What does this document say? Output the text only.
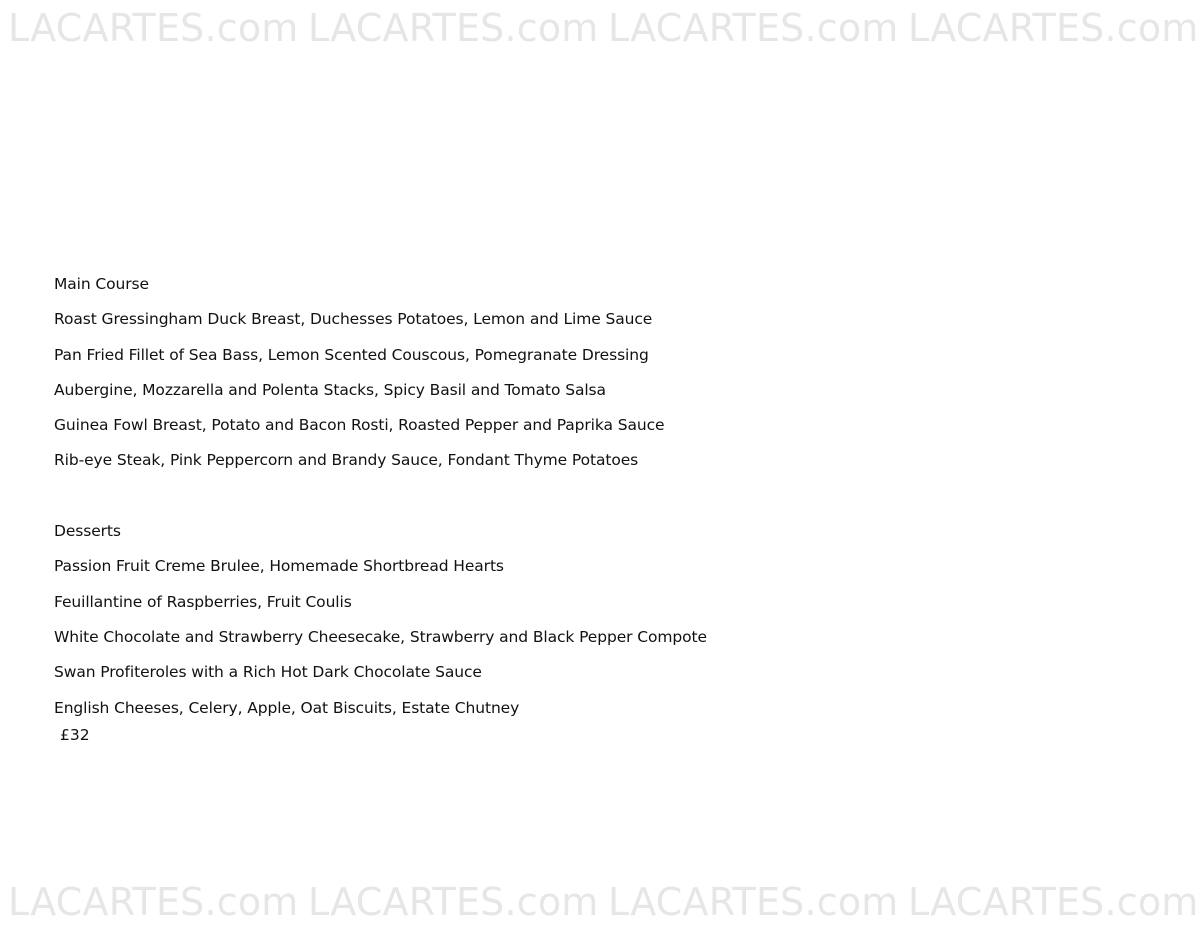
LACARTES.com LACARTES.com LACARTES.com LACARTES.com
Main Course
Roast Gressingham Duck Breast, Duchesses Potatoes, Lemon and Lime Sauce
Pan Fried Fillet of Sea Bass, Lemon Scented Couscous, Pomegranate Dressing
Aubergine, Mozzarella and Polenta Stacks, Spicy Basil and Tomato Salsa
Guinea Fowl Breast, Potato and Bacon Rosti, Roasted Pepper and Paprika Sauce
Rib-eye Steak, Pink Peppercorn and Brandy Sauce, Fondant Thyme Potatoes
Desserts
Passion Fruit Creme Brulee, Homemade Shortbread Hearts
Feuillantine of Raspberries, Fruit Coulis
White Chocolate and Strawberry Cheesecake, Strawberry and Black Pepper Compote
Swan Profiteroles with a Rich Hot Dark Chocolate Sauce
English Cheeses, Celery, Apple, Oat Biscuits, Estate Chutney
£32
LACARTES.com LACARTES.com LACARTES.com LACARTES.com
